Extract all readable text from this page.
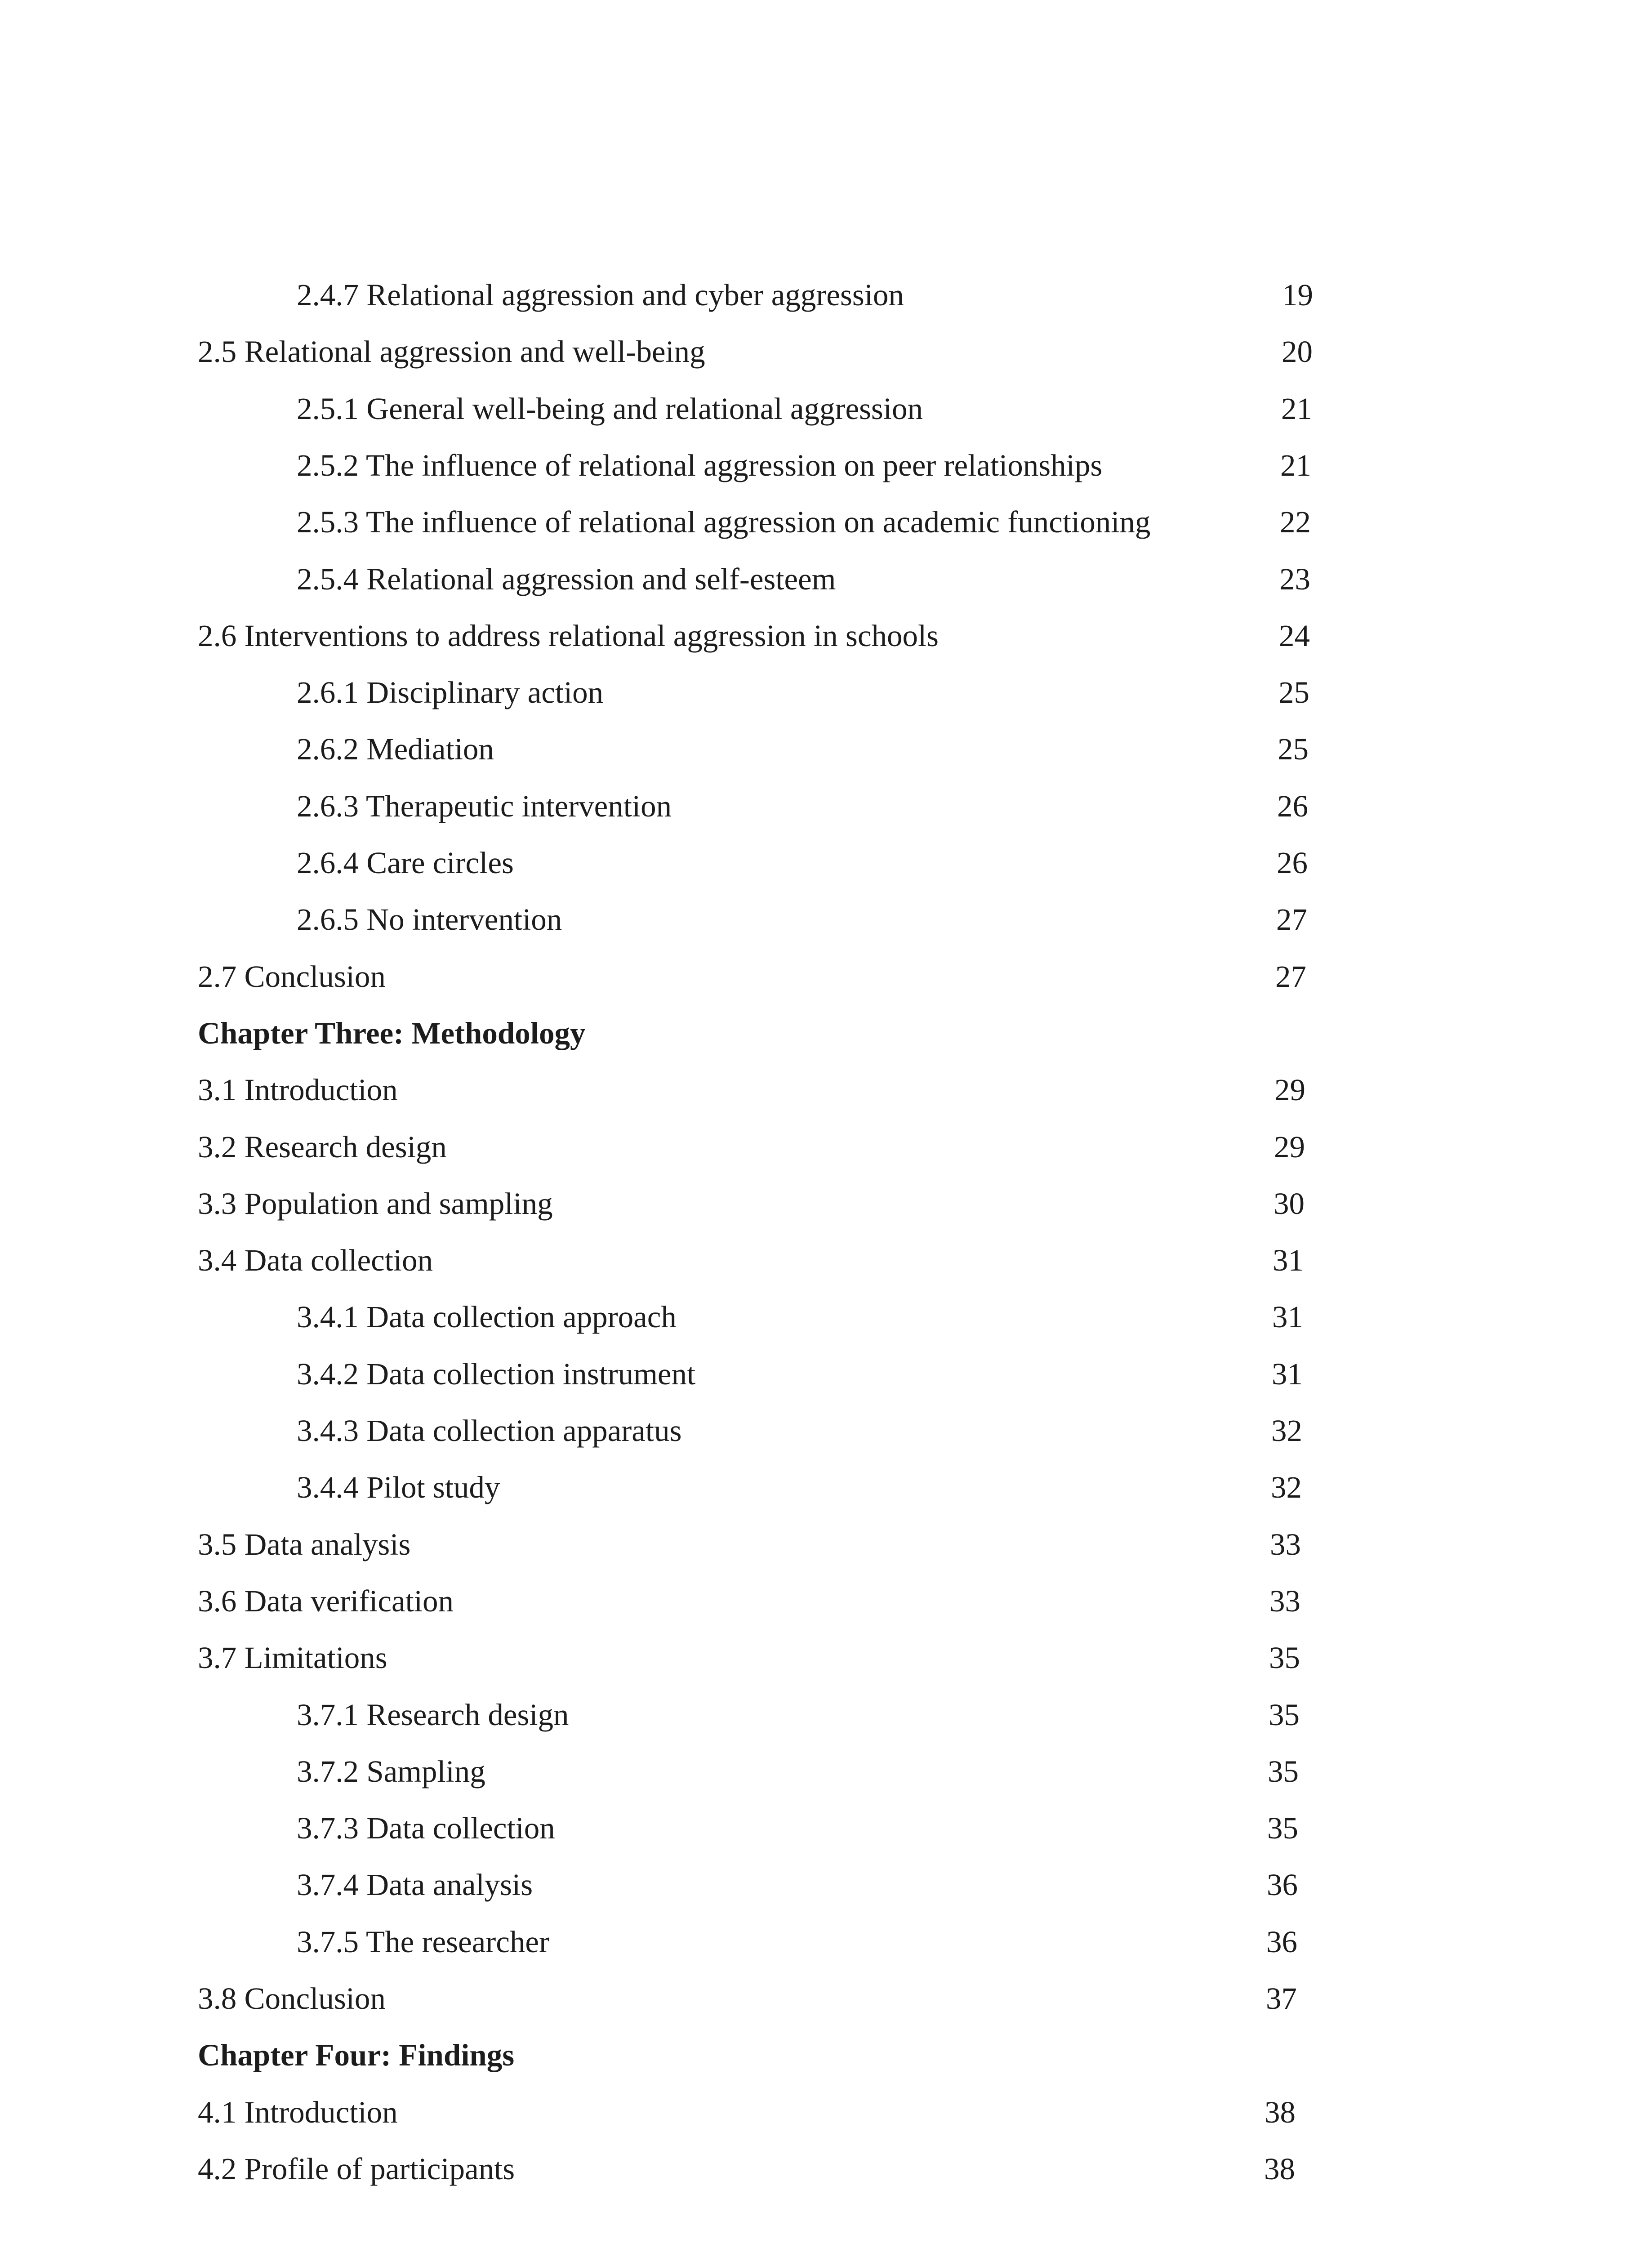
2.4.7 Relational aggression and cyber aggression	19
2.5 Relational aggression and well-being	20
2.5.1 General well-being and relational aggression	21
2.5.2 The influence of relational aggression on peer relationships	21
2.5.3 The influence of relational aggression on academic functioning	22
2.5.4 Relational aggression and self-esteem	23
2.6 Interventions to address relational aggression in schools	24
2.6.1 Disciplinary action	25
2.6.2 Mediation	25
2.6.3 Therapeutic intervention	26
2.6.4 Care circles	26
2.6.5 No intervention	27
2.7 Conclusion	27
Chapter Three: Methodology
3.1 Introduction	29
3.2 Research design	29
3.3 Population and sampling	30
3.4 Data collection	31
3.4.1 Data collection approach	31
3.4.2 Data collection instrument	31
3.4.3 Data collection apparatus	32
3.4.4 Pilot study	32
3.5 Data analysis	33
3.6 Data verification	33
3.7 Limitations	35
3.7.1 Research design	35
3.7.2 Sampling	35
3.7.3 Data collection	35
3.7.4 Data analysis	36
3.7.5 The researcher	36
3.8 Conclusion	37
Chapter Four: Findings
4.1 Introduction	38
4.2 Profile of participants	38
